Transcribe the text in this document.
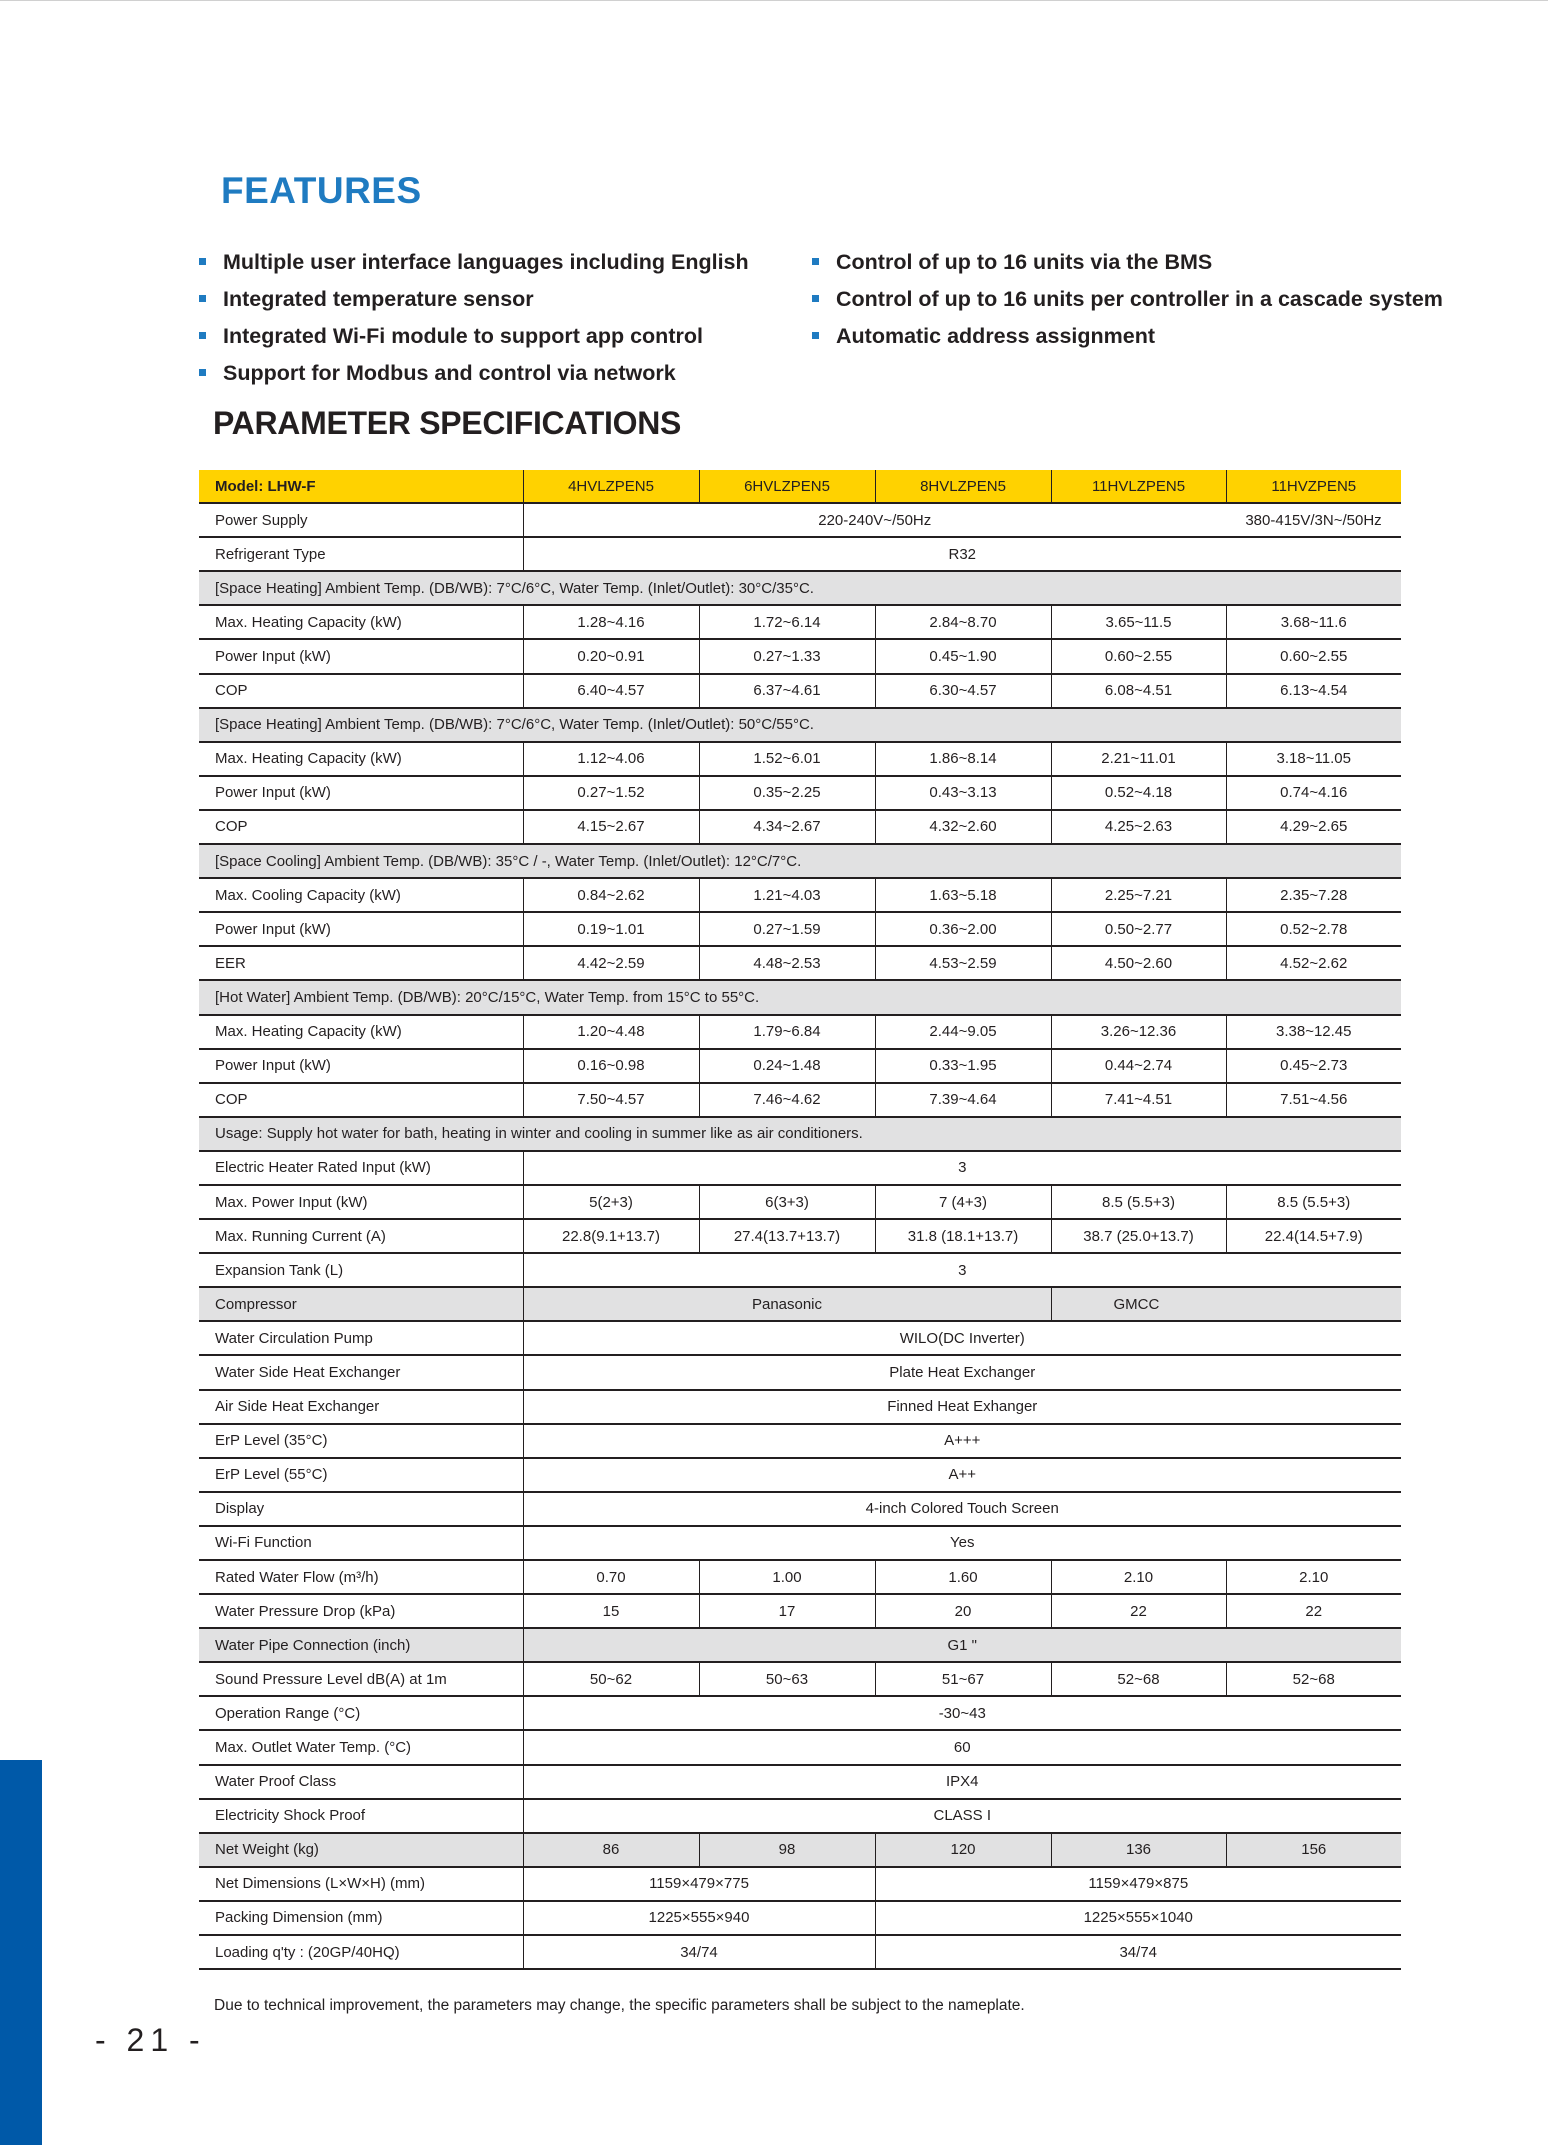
FEATURES
Multiple user interface languages including English
Integrated temperature sensor
Integrated Wi-Fi module to support app control
Support for Modbus and control via network
Control of up to 16 units via the BMS
Control of up to 16 units per controller in a cascade system
Automatic address assignment
PARAMETER SPECIFICATIONS
Model: LHW-F	4HVLZPEN5	6HVLZPEN5	8HVLZPEN5	11HVLZPEN5	11HVZPEN5
Power Supply	220-240V~/50Hz				380-415V/3N~/50Hz
Refrigerant Type	R32				
[Space Heating] Ambient Temp. (DB/WB): 7°C/6°C, Water Temp. (Inlet/Outlet): 30°C/35°C.					
Max. Heating Capacity (kW)	1.28~4.16	1.72~6.14	2.84~8.70	3.65~11.5	3.68~11.6
Power Input (kW)	0.20~0.91	0.27~1.33	0.45~1.90	0.60~2.55	0.60~2.55
COP	6.40~4.57	6.37~4.61	6.30~4.57	6.08~4.51	6.13~4.54
[Space Heating] Ambient Temp. (DB/WB): 7°C/6°C, Water Temp. (Inlet/Outlet): 50°C/55°C.					
Max. Heating Capacity (kW)	1.12~4.06	1.52~6.01	1.86~8.14	2.21~11.01	3.18~11.05
Power Input (kW)	0.27~1.52	0.35~2.25	0.43~3.13	0.52~4.18	0.74~4.16
COP	4.15~2.67	4.34~2.67	4.32~2.60	4.25~2.63	4.29~2.65
[Space Cooling] Ambient Temp. (DB/WB): 35°C / -, Water Temp. (Inlet/Outlet): 12°C/7°C.					
Max. Cooling Capacity (kW)	0.84~2.62	1.21~4.03	1.63~5.18	2.25~7.21	2.35~7.28
Power Input (kW)	0.19~1.01	0.27~1.59	0.36~2.00	0.50~2.77	0.52~2.78
EER	4.42~2.59	4.48~2.53	4.53~2.59	4.50~2.60	4.52~2.62
[Hot Water] Ambient Temp. (DB/WB): 20°C/15°C, Water Temp. from 15°C to 55°C.					
Max. Heating Capacity (kW)	1.20~4.48	1.79~6.84	2.44~9.05	3.26~12.36	3.38~12.45
Power Input (kW)	0.16~0.98	0.24~1.48	0.33~1.95	0.44~2.74	0.45~2.73
COP	7.50~4.57	7.46~4.62	7.39~4.64	7.41~4.51	7.51~4.56
Usage: Supply hot water for bath, heating in winter and cooling in summer like as air conditioners.					
Electric Heater Rated Input (kW)	3				
Max. Power Input (kW)	5(2+3)	6(3+3)	7 (4+3)	8.5 (5.5+3)	8.5 (5.5+3)
Max. Running Current (A)	22.8(9.1+13.7)	27.4(13.7+13.7)	31.8 (18.1+13.7)	38.7 (25.0+13.7)	22.4(14.5+7.9)
Expansion Tank (L)	3				
Compressor	Panasonic			GMCC	
Water Circulation Pump	WILO(DC Inverter)				
Water Side Heat Exchanger	Plate Heat Exchanger				
Air Side Heat Exchanger	Finned Heat Exhanger				
ErP Level (35°C)	A+++				
ErP Level (55°C)	A++				
Display	4-inch Colored Touch Screen				
Wi-Fi Function	Yes				
Rated Water Flow (m³/h)	0.70	1.00	1.60	2.10	2.10
Water Pressure Drop (kPa)	15	17	20	22	22
Water Pipe Connection (inch)	G1 "				
Sound Pressure Level dB(A) at 1m	50~62	50~63	51~67	52~68	52~68
Operation Range (°C)	-30~43				
Max. Outlet Water Temp. (°C)	60				
Water Proof Class	IPX4				
Electricity Shock Proof	CLASS I				
Net Weight (kg)	86	98	120	136	156
Net Dimensions (L×W×H) (mm)	1159×479×775		1159×479×875		
Packing Dimension (mm)	1225×555×940		1225×555×1040		
Loading q'ty : (20GP/40HQ)	34/74		34/74		
Due to technical improvement, the parameters may change, the specific parameters shall be subject to the nameplate.
- 21 -
